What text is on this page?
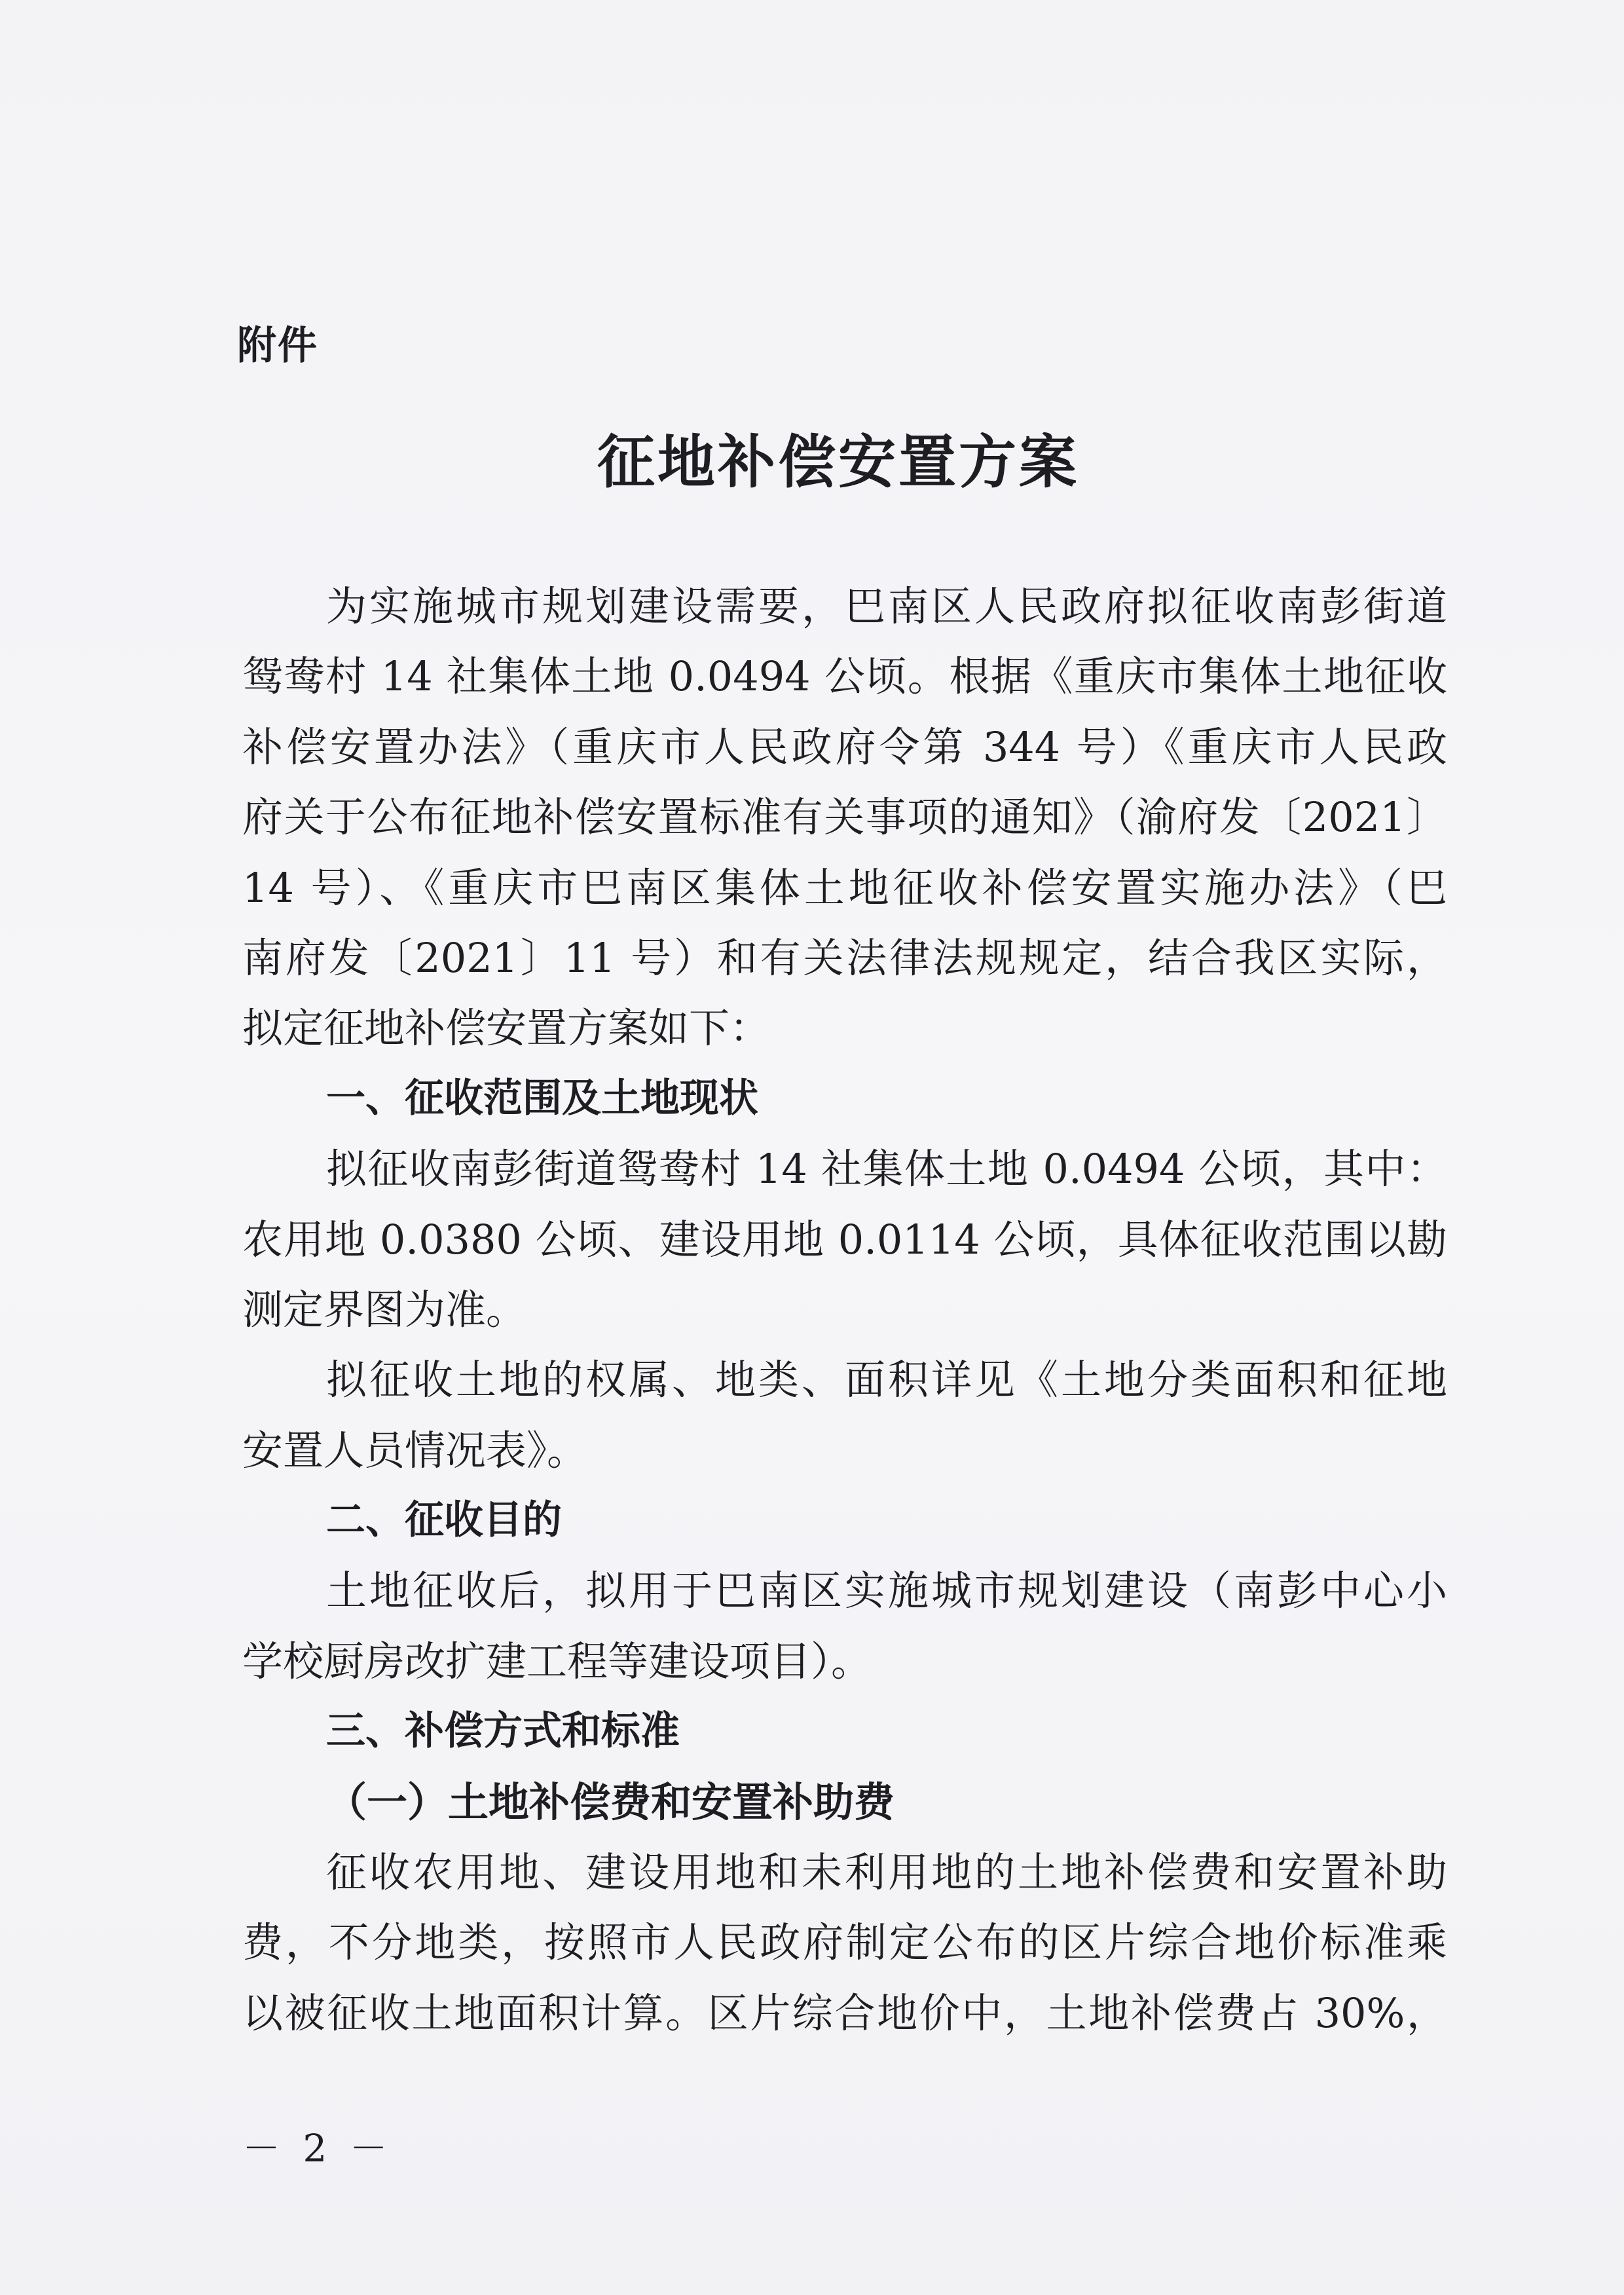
附件
征地补偿安置方案
为实施城市规划建设需要，巴南区人民政府拟征收南彭街道
鸳鸯村 14 社集体土地 0.0494 公顷。根据《重庆市集体土地征收
补偿安置办法》（重庆市人民政府令第 344 号）《重庆市人民政
府关于公布征地补偿安置标准有关事项的通知》（渝府发〔2021〕
14 号）、《重庆市巴南区集体土地征收补偿安置实施办法》（巴
南府发〔2021〕11 号）和有关法律法规规定，结合我区实际，
拟定征地补偿安置方案如下：
一、征收范围及土地现状
拟征收南彭街道鸳鸯村 14 社集体土地 0.0494 公顷，其中：
农用地 0.0380 公顷、建设用地 0.0114 公顷，具体征收范围以勘
测定界图为准。
拟征收土地的权属、地类、面积详见《土地分类面积和征地
安置人员情况表》。
二、征收目的
土地征收后，拟用于巴南区实施城市规划建设（南彭中心小
学校厨房改扩建工程等建设项目）。
三、补偿方式和标准
（一）土地补偿费和安置补助费
征收农用地、建设用地和未利用地的土地补偿费和安置补助
费，不分地类，按照市人民政府制定公布的区片综合地价标准乘
以被征收土地面积计算。区片综合地价中，土地补偿费占 30%，
－ 2 －
